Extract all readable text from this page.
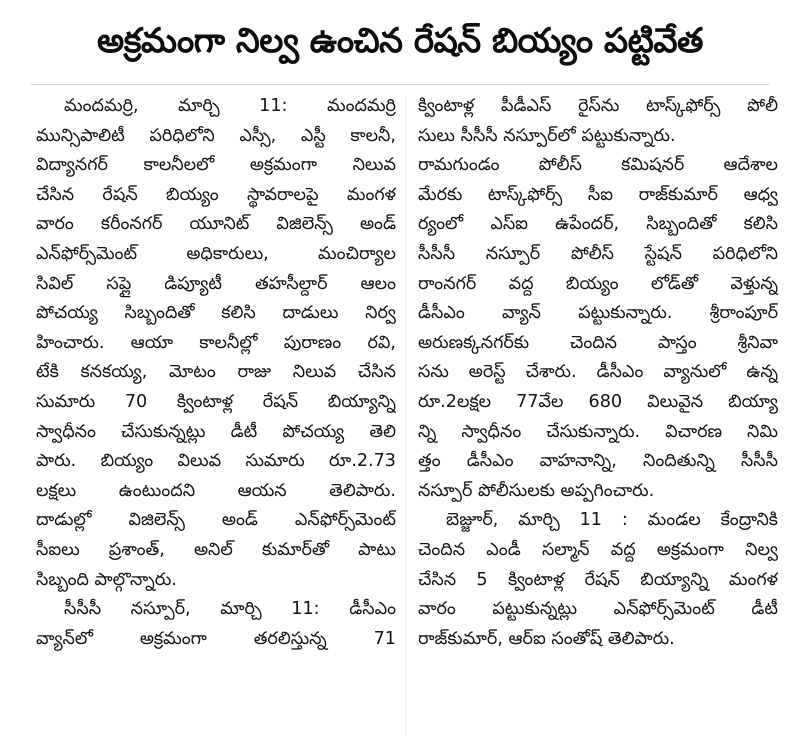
అక్రమంగా నిల్వ ఉంచిన రేషన్ బియ్యం పట్టివేత
మందమర్రి, మార్చి 11: మందమర్రి
మున్సిపాలిటీ పరిధిలోని ఎస్సీ, ఎస్టీ కాలనీ,
విద్యానగర్ కాలనీలలో అక్రమంగా నిలువ
చేసిన రేషన్ బియ్యం స్థావరాలపై మంగళ
వారం కరీంనగర్ యూనిట్ విజిలెన్స్ అండ్
ఎన్‌ఫోర్స్‌మెంట్ అధికారులు, మంచిర్యాల
సివిల్ సప్లై డిప్యూటీ తహసీల్దార్ ఆలం
పోచయ్య సిబ్బందితో కలిసి దాడులు నిర్వ
హించారు. ఆయా కాలనీల్లో పురాణం రవి,
టేకి కనకయ్య, మోటం రాజు నిలువ చేసిన
సుమారు 70 క్వింటాళ్ల రేషన్ బియ్యాన్ని
స్వాధీనం చేసుకున్నట్లు డీటీ పోచయ్య తెలి
పారు. బియ్యం విలువ సుమారు రూ.2.73
లక్షలు ఉంటుందని ఆయన తెలిపారు.
దాడుల్లో విజిలెన్స్ అండ్ ఎన్‌ఫోర్స్‌మెంట్
సీఐలు ప్రశాంత్, అనిల్ కుమార్‌తో పాటు
సిబ్బంది పాల్గొన్నారు.
సీసీసీ నస్పూర్, మార్చి 11: డీసీఎం
వ్యాన్‌లో అక్రమంగా తరలిస్తున్న 71
క్వింటాళ్ల పీడీఎస్ రైస్‌ను టాస్క్‌ఫోర్స్ పోలీ
సులు సీసీసీ నస్పూర్‌లో పట్టుకున్నారు.
రామగుండం పోలీస్ కమిషనర్ ఆదేశాల
మేరకు టాస్క్‌ఫోర్స్ సీఐ రాజ్‌కుమార్ ఆధ్వ
ర్యంలో ఎస్ఐ ఉపేందర్, సిబ్బందితో కలిసి
సీసీసీ నస్పూర్ పోలీస్ స్టేషన్ పరిధిలోని
రాంనగర్ వద్ద బియ్యం లోడ్‌తో వెళ్తున్న
డీసీఎం వ్యాన్ పట్టుకున్నారు. శ్రీరాంపూర్
అరుణక్కనగర్‌కు చెందిన పాస్తం శ్రీనివా
సను అరెస్ట్ చేశారు. డీసీఎం వ్యానులో ఉన్న
రూ.2లక్షల 77వేల 680 విలువైన బియ్యా
న్ని స్వాధీనం చేసుకున్నారు. విచారణ నిమి
త్తం డీసీఎం వాహనాన్ని, నిందితున్ని సీసీసీ
నస్పూర్ పోలీసులకు అప్పగించారు.
బెజ్జూర్, మార్చి 11 : మండల కేంద్రానికి
చెందిన ఎండీ సల్మాన్ వద్ద అక్రమంగా నిల్వ
చేసిన 5 క్వింటాళ్ల రేషన్ బియ్యాన్ని మంగళ
వారం పట్టుకున్నట్లు ఎన్‌ఫోర్స్‌మెంట్ డీటీ
రాజ్‌కుమార్, ఆర్ఐ సంతోష్ తెలిపారు.
